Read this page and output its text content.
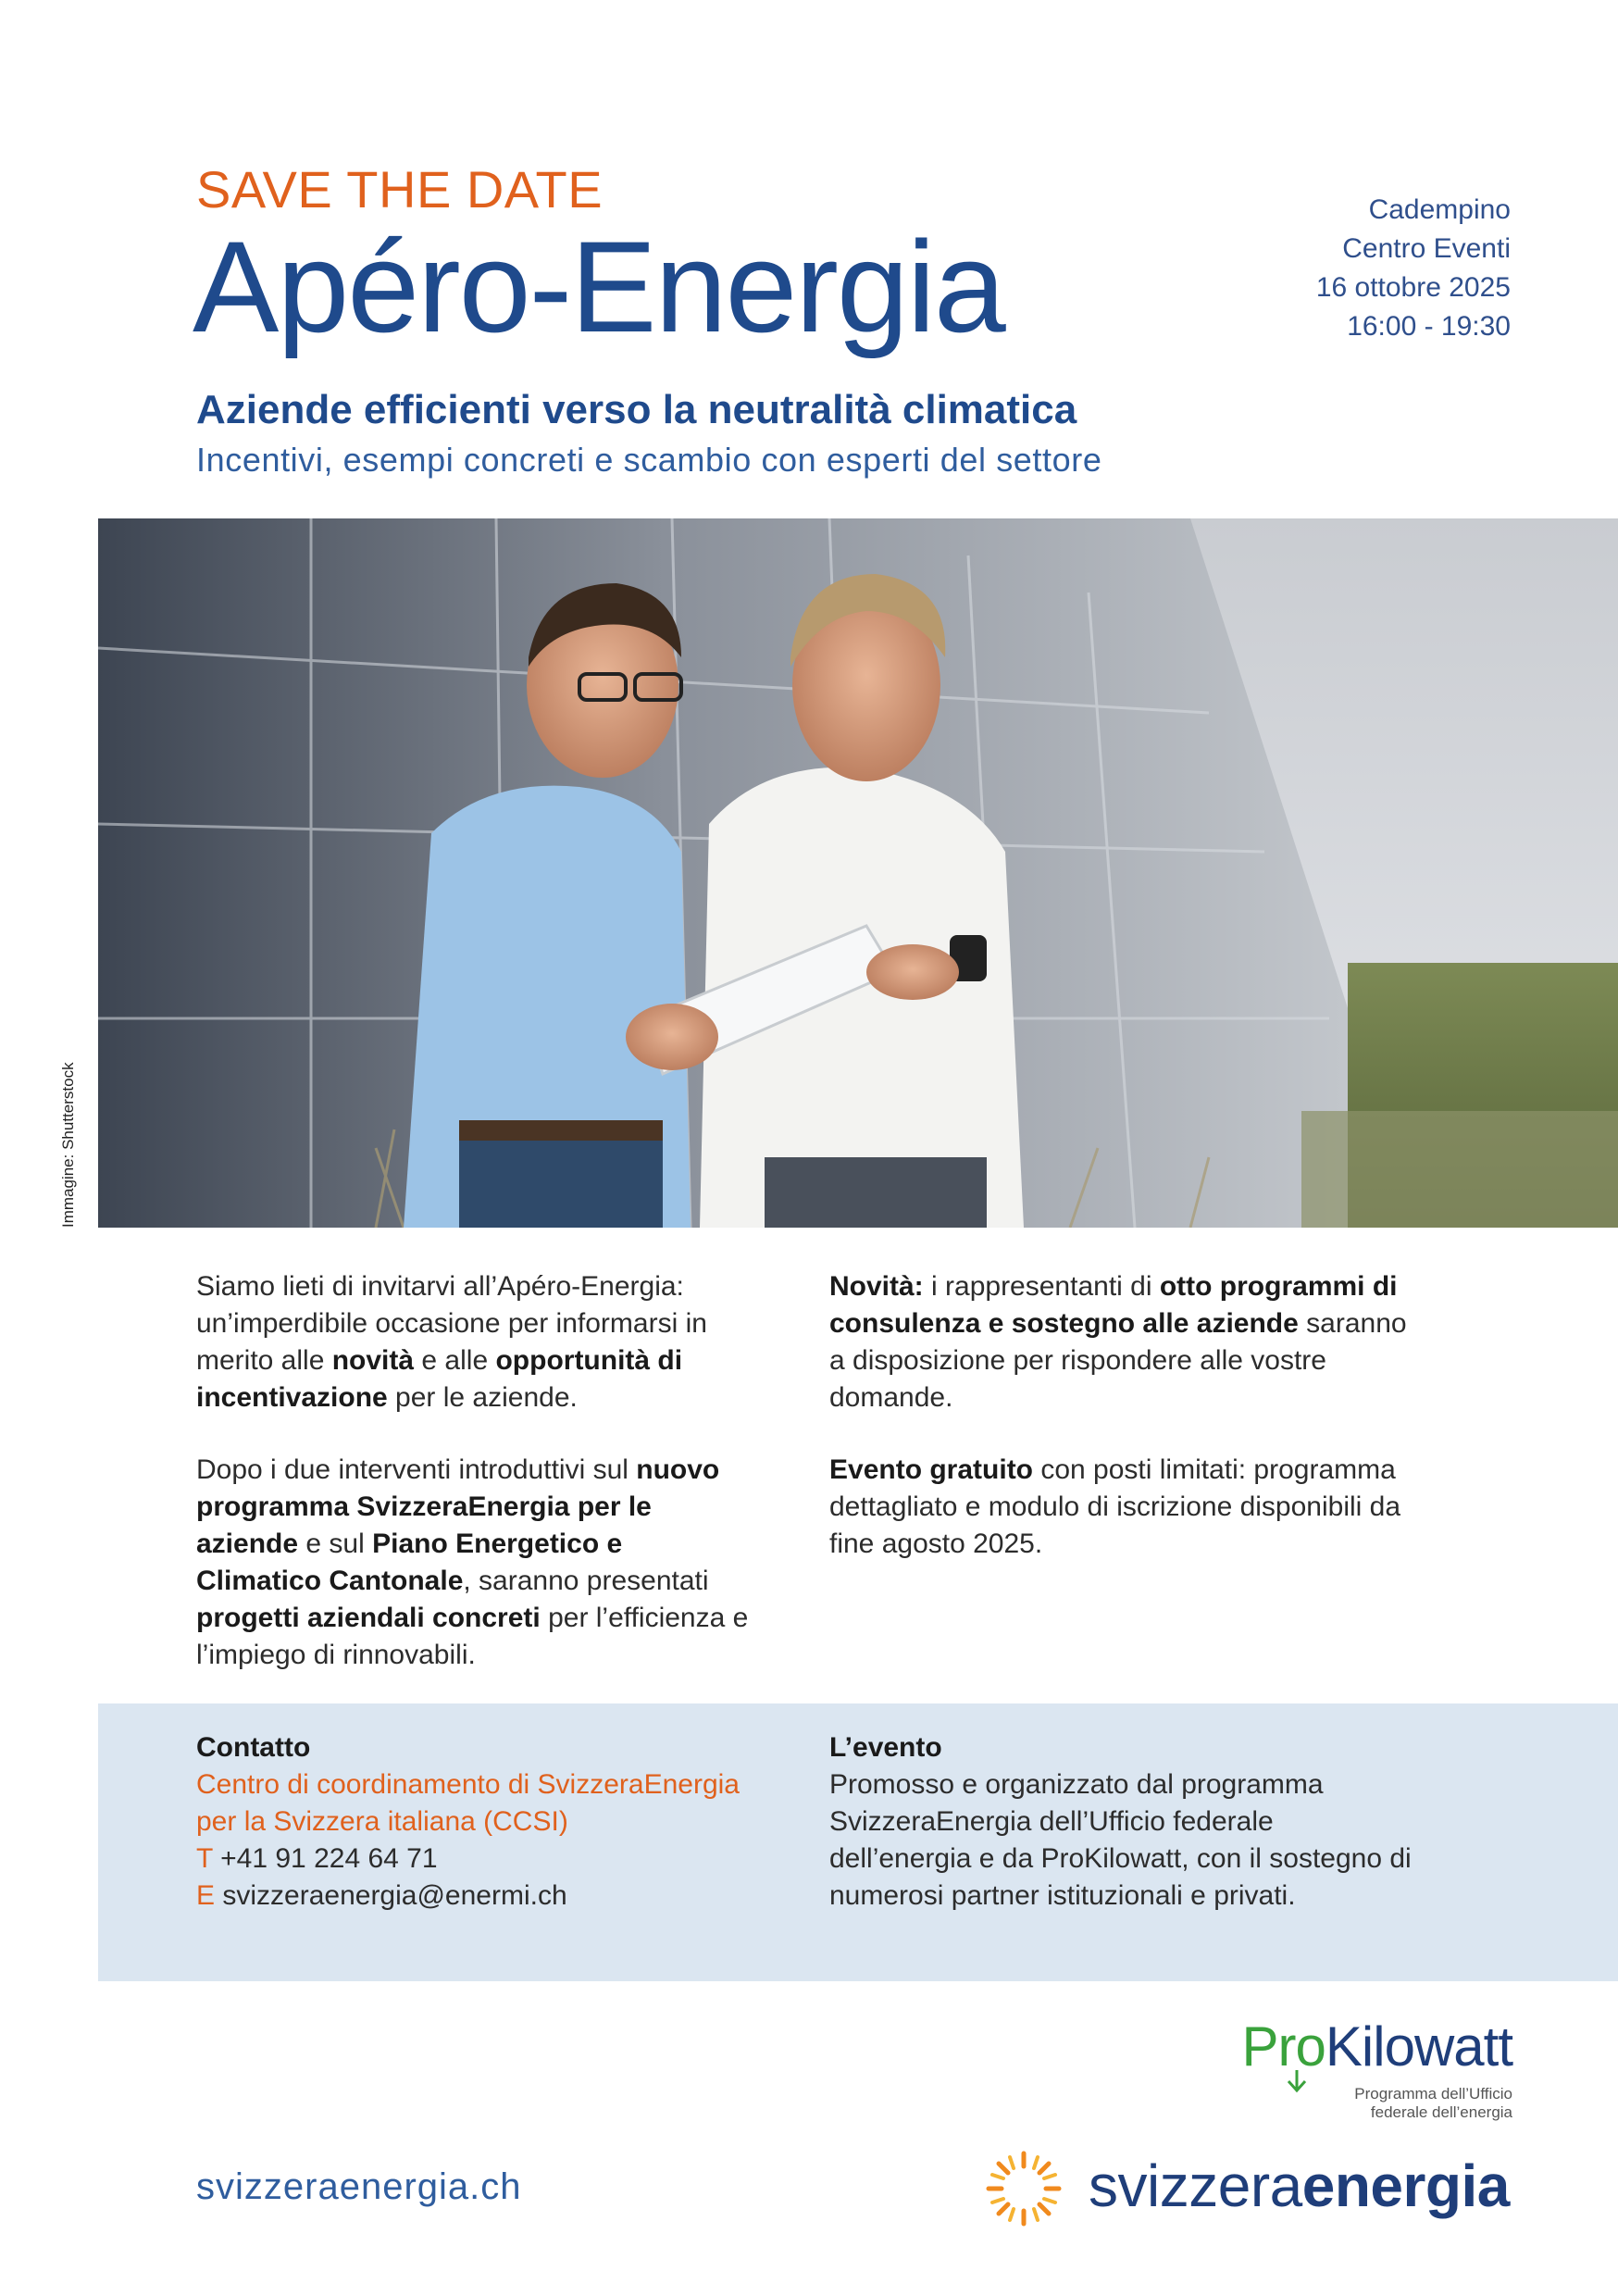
SAVE THE DATE
Apéro-Energia
Cadempino
Centro Eventi
16 ottobre 2025
16:00 - 19:30
Aziende efficienti verso la neutralità climatica
Incentivi, esempi concreti e scambio con esperti del settore
Immagine: Shutterstock

Siamo lieti di invitarvi all’Apéro-Energia: un’imperdibile occasione per informarsi in merito alle novità e alle opportunità di incentivazione per le aziende.

Dopo i due interventi introduttivi sul nuovo programma SvizzeraEnergia per le aziende e sul Piano Energetico e Climatico Cantonale, saranno presentati progetti aziendali concreti per l’efficienza e l’impiego di rinnovabili.

Novità: i rappresentanti di otto programmi di consulenza e sostegno alle aziende saranno a disposizione per rispondere alle vostre domande.

Evento gratuito con posti limitati: programma dettagliato e modulo di iscrizione disponibili da fine agosto 2025.

Contatto
Centro di coordinamento di SvizzeraEnergia per la Svizzera italiana (CCSI)
T +41 91 224 64 71
E svizzeraenergia@enermi.ch
L’evento
Promosso e organizzato dal programma SvizzeraEnergia dell’Ufficio federale dell’energia e da ProKilowatt, con il sostegno di numerosi partner istituzionali e privati.
ProKilowatt
Programma dell’Ufficio
federale dell’energia
svizzeraenergia.ch	svizzeraenergia
